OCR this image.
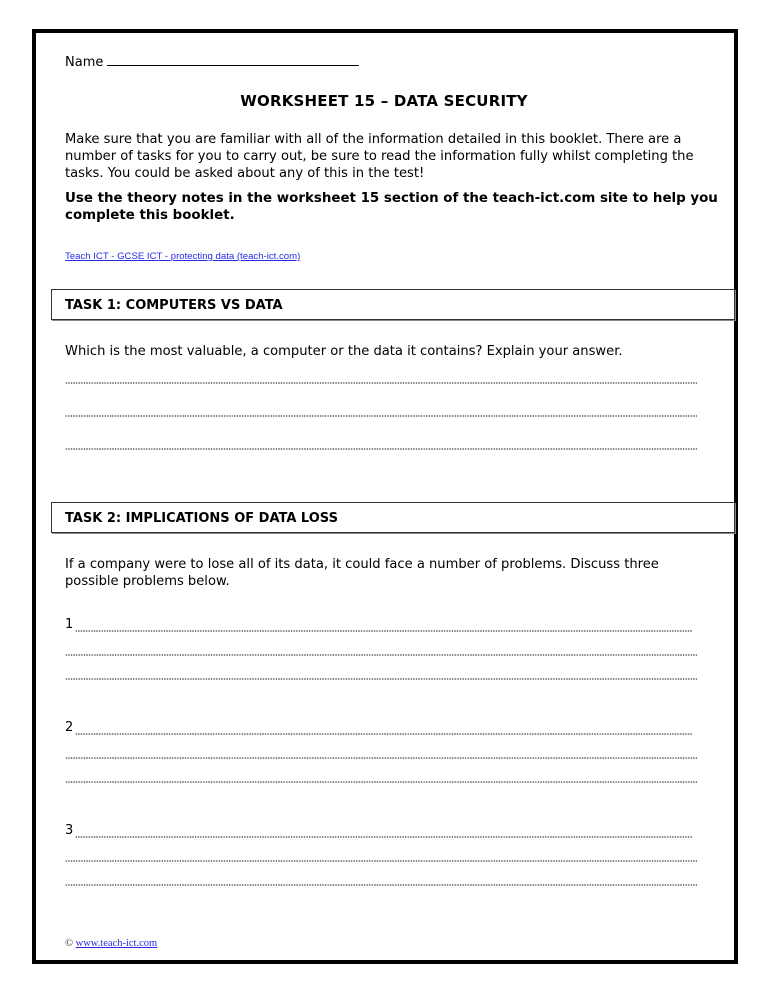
Name
WORKSHEET 15 – DATA SECURITY
Make sure that you are familiar with all of the information detailed in this booklet. There are a number of tasks for you to carry out, be sure to read the information fully whilst completing the tasks. You could be asked about any of this in the test!
Use the theory notes in the worksheet 15 section of the teach-ict.com site to help you complete this booklet.
Teach ICT - GCSE ICT - protecting data (teach-ict.com)
TASK 1: COMPUTERS VS DATA
Which is the most valuable, a computer or the data it contains? Explain your answer.
TASK 2: IMPLICATIONS OF DATA LOSS
If a company were to lose all of its data, it could face a number of problems. Discuss three possible problems below.
1
2
3
© www.teach-ict.com
